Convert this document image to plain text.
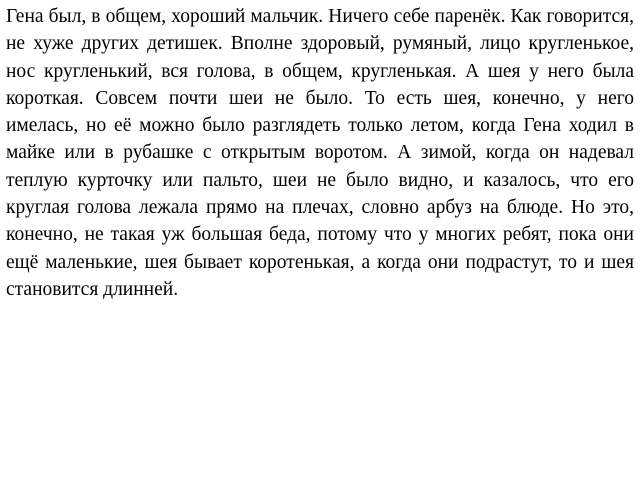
Гена был, в общем, хороший мальчик. Ничего себе паренёк. Как говорится, не хуже других детишек. Вполне здоровый, румяный, лицо кругленькое, нос кругленький, вся голова, в общем, кругленькая. А шея у него была короткая. Совсем почти шеи не было. То есть шея, конечно, у него имелась, но её можно было разглядеть только летом, когда Гена ходил в майке или в рубашке с открытым воротом. А зимой, когда он надевал теплую курточку или пальто, шеи не было видно, и казалось, что его круглая голова лежала прямо на плечах, словно арбуз на блюде. Но это, конечно, не такая уж большая беда, потому что у многих ребят, пока они ещё маленькие, шея бывает коротенькая, а когда они подрастут, то и шея становится длинней.
